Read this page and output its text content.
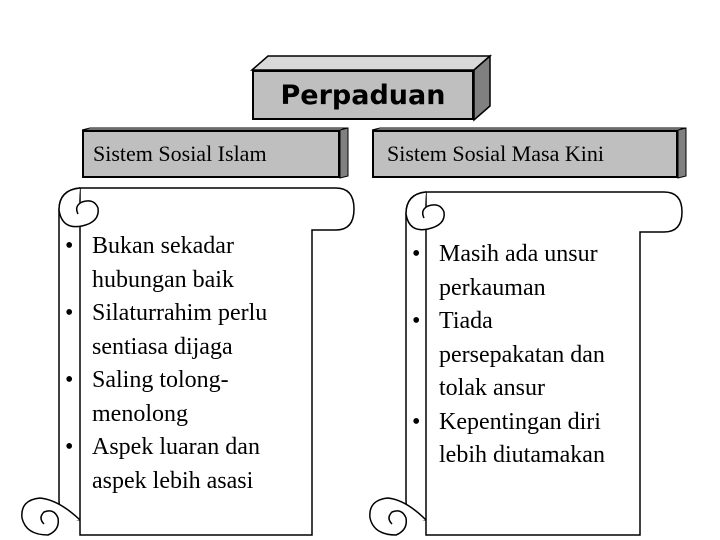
Perpaduan
Sistem Sosial Islam	Sistem Sosial Masa Kini
• Bukan sekadar
hubungan baik
• Silaturrahim perlu
sentiasa dijaga
• Saling tolong-
menolong
• Aspek luaran dan
aspek lebih asasi
• Masih ada unsur
perkauman
• Tiada
persepakatan dan
tolak ansur
• Kepentingan diri
lebih diutamakan
